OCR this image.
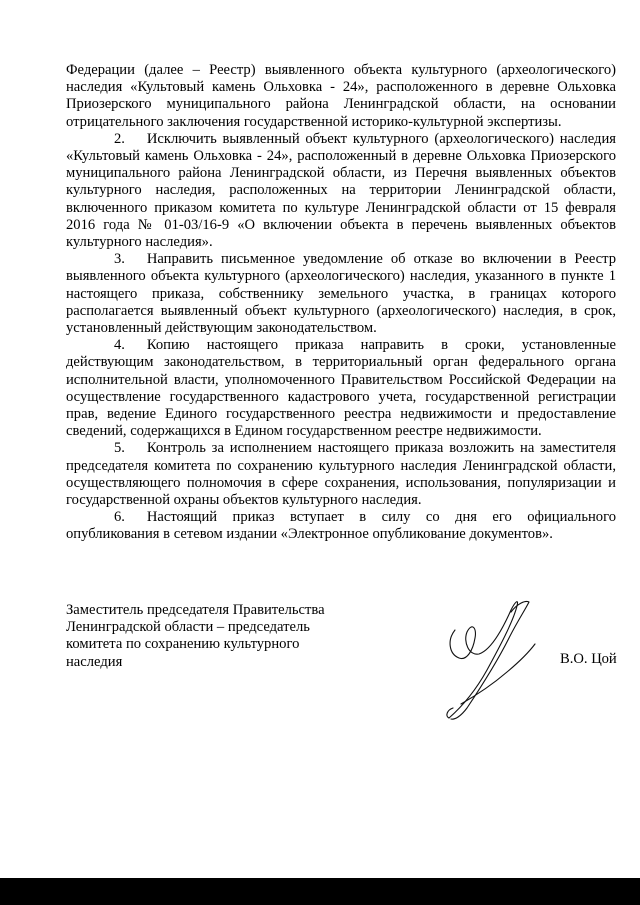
Федерации (далее – Реестр) выявленного объекта культурного (археологического) наследия «Культовый камень Ольховка - 24», расположенного в деревне Ольховка Приозерского муниципального района Ленинградской области, на основании отрицательного заключения государственной историко-культурной экспертизы.

2.  Исключить выявленный объект культурного (археологического) наследия «Культовый камень Ольховка - 24», расположенный в деревне Ольховка Приозерского муниципального района Ленинградской области, из Перечня выявленных объектов культурного наследия, расположенных на территории Ленинградской области, включенного приказом комитета по культуре Ленинградской области от 15 февраля 2016 года № 01-03/16-9 «О включении объекта в перечень выявленных объектов культурного наследия».

3.  Направить письменное уведомление об отказе во включении в Реестр выявленного объекта культурного (археологического) наследия, указанного в пункте 1 настоящего приказа, собственнику земельного участка, в границах которого располагается выявленный объект культурного (археологического) наследия, в срок, установленный действующим законодательством.

4.  Копию настоящего приказа направить в сроки, установленные действующим законодательством, в территориальный орган федерального органа исполнительной власти, уполномоченного Правительством Российской Федерации на осуществление государственного кадастрового учета, государственной регистрации прав, ведение Единого государственного реестра недвижимости и предоставление сведений, содержащихся в Едином государственном реестре недвижимости.

5.  Контроль за исполнением настоящего приказа возложить на заместителя председателя комитета по сохранению культурного наследия Ленинградской области, осуществляющего полномочия в сфере сохранения, использования, популяризации и государственной охраны объектов культурного наследия.

6.  Настоящий приказ вступает в силу со дня его официального опубликования в сетевом издании «Электронное опубликование документов».

Заместитель председателя Правительства
Ленинградской области – председатель
комитета по сохранению культурного
наследия	В.О. Цой
